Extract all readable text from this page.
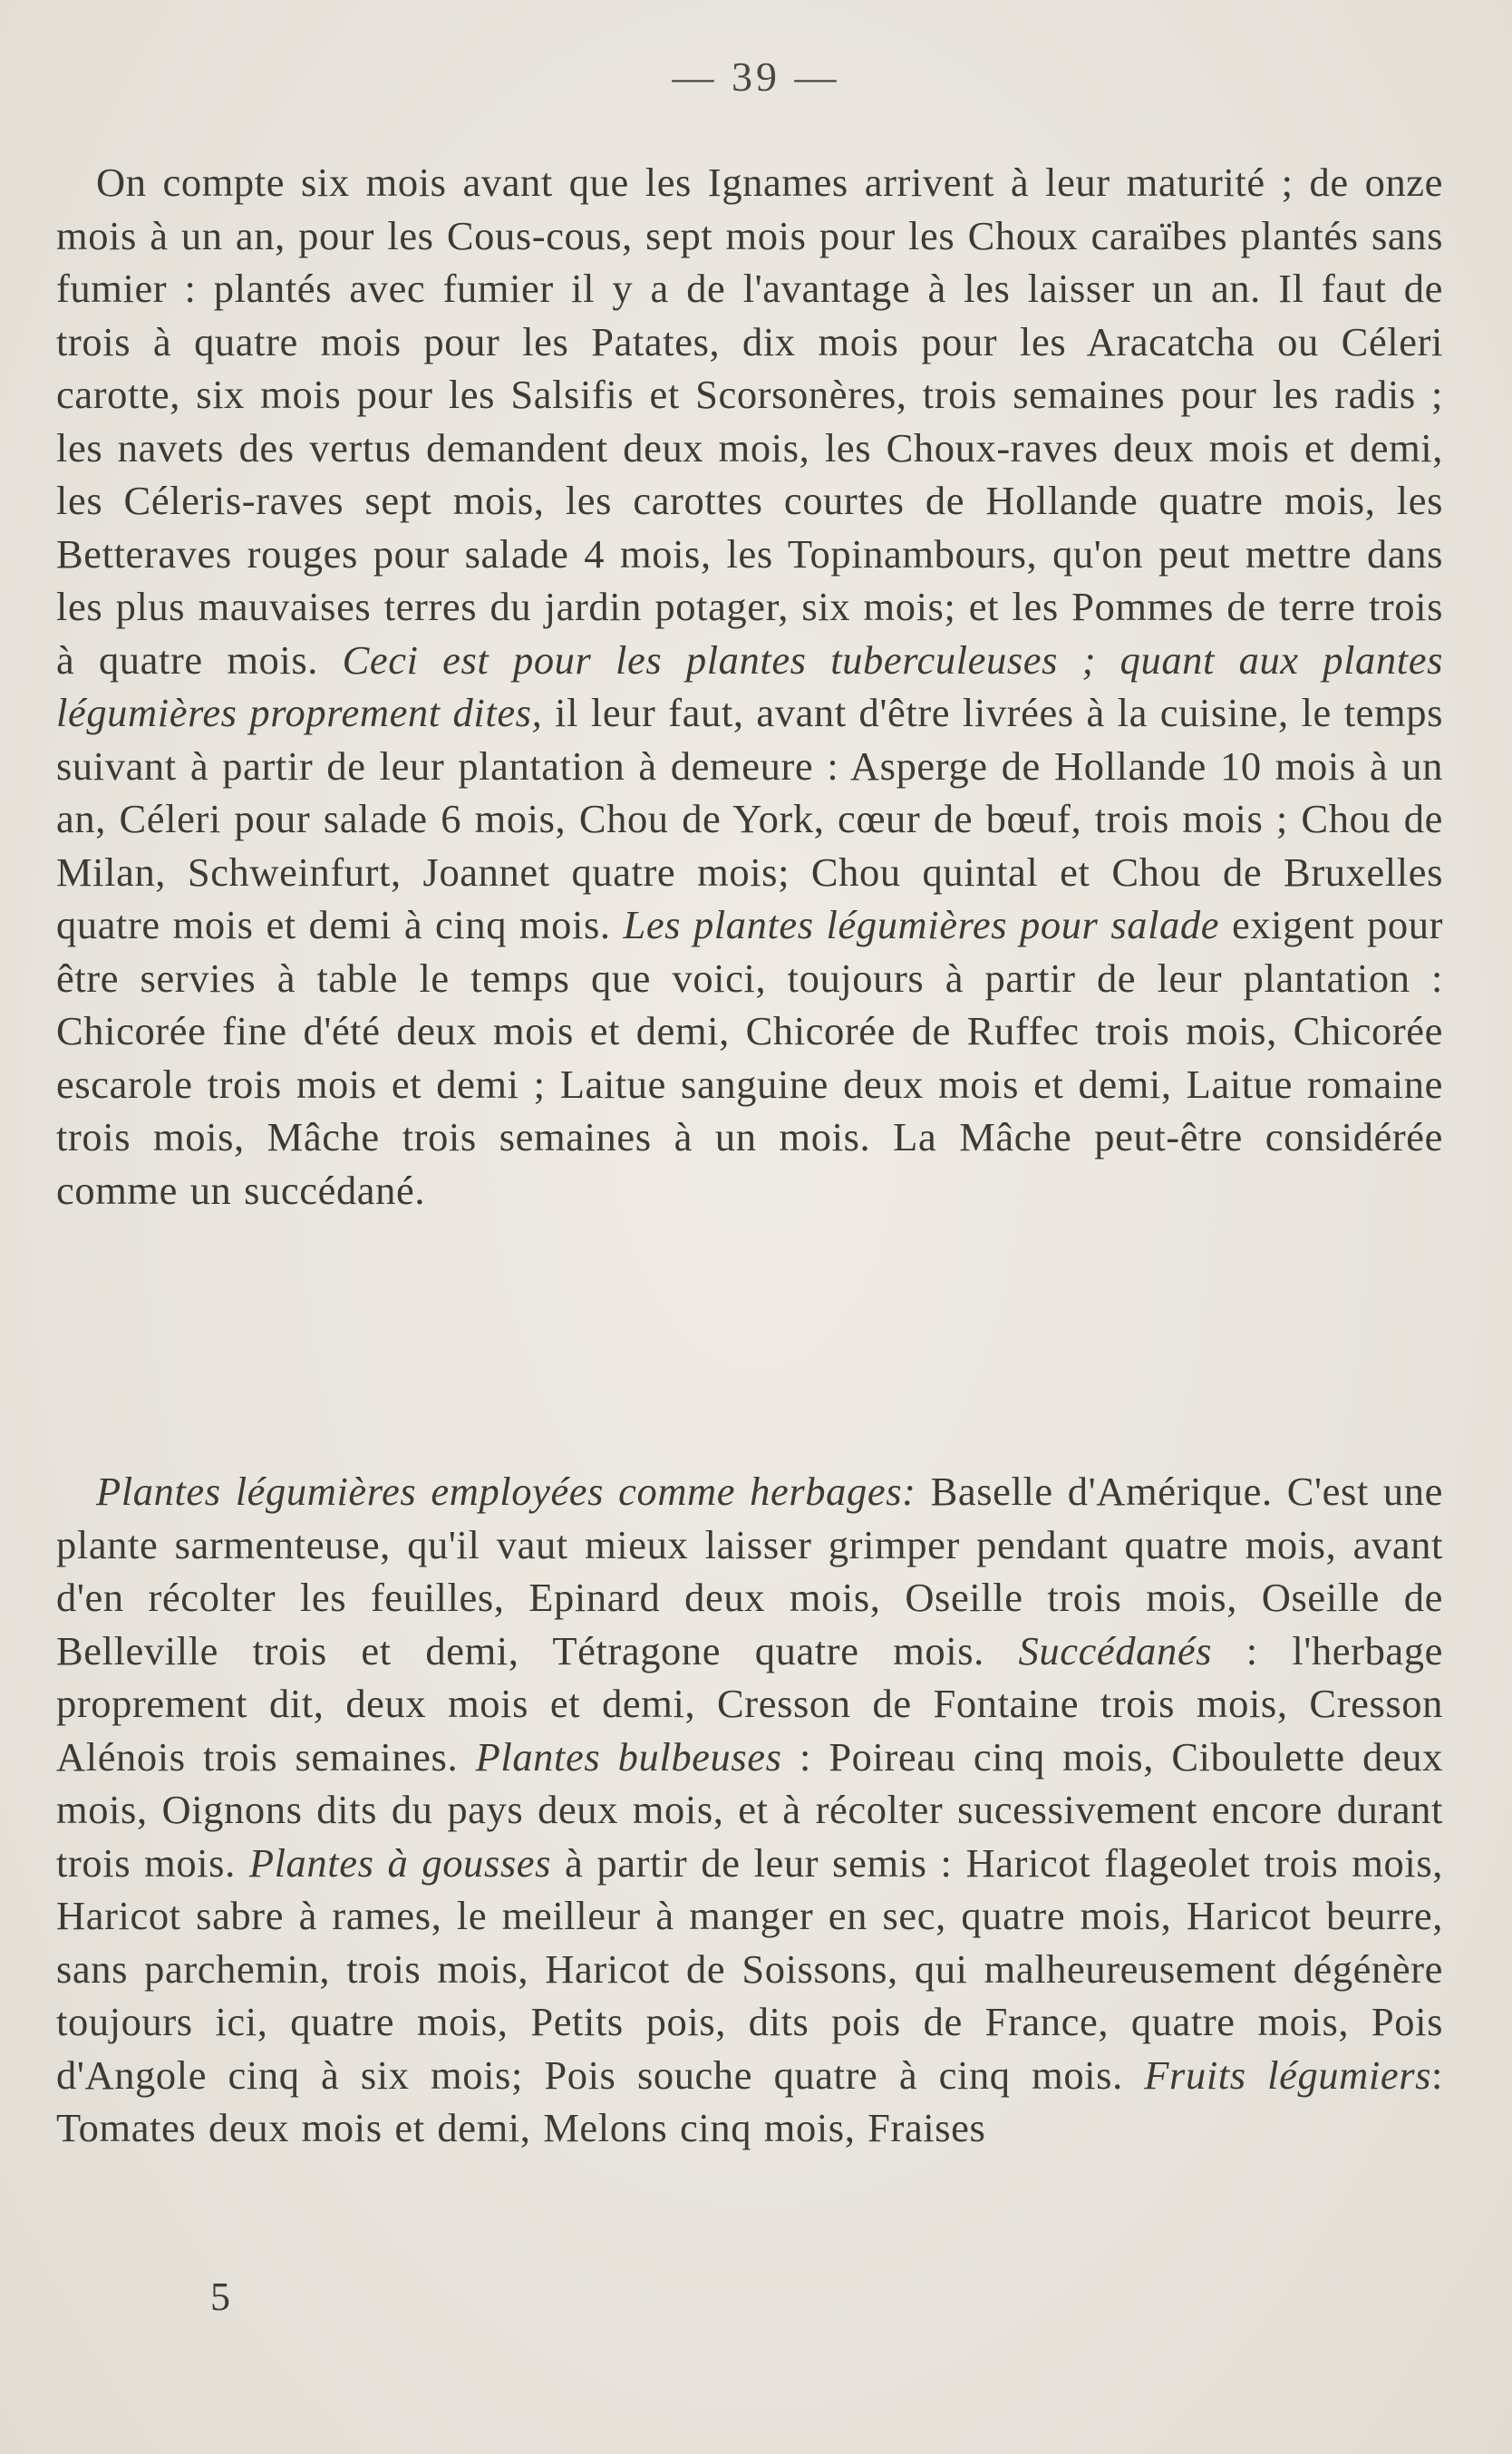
— 39 —

On compte six mois avant que les Ignames arrivent à leur maturité ; de onze mois à un an, pour les Cous-cous, sept mois pour les Choux caraïbes plantés sans fumier : plantés avec fumier il y a de l'avantage à les laisser un an. Il faut de trois à quatre mois pour les Patates, dix mois pour les Aracatcha ou Céleri carotte, six mois pour les Salsifis et Scorsonères, trois semaines pour les radis ; les navets des vertus demandent deux mois, les Choux-raves deux mois et demi, les Céleris-raves sept mois, les carottes courtes de Hollande quatre mois, les Betteraves rouges pour salade 4 mois, les Topinambours, qu'on peut mettre dans les plus mauvaises terres du jardin potager, six mois; et les Pommes de terre trois à quatre mois. Ceci est pour les plantes tuberculeuses ; quant aux plantes légumières proprement dites, il leur faut, avant d'être livrées à la cuisine, le temps suivant à partir de leur plantation à demeure : Asperge de Hollande 10 mois à un an, Céleri pour salade 6 mois, Chou de York, cœur de bœuf, trois mois ; Chou de Milan, Schweinfurt, Joannet quatre mois; Chou quintal et Chou de Bruxelles quatre mois et demi à cinq mois. Les plantes légumières pour salade exigent pour être servies à table le temps que voici, toujours à partir de leur plantation : Chicorée fine d'été deux mois et demi, Chicorée de Ruffec trois mois, Chicorée escarole trois mois et demi ; Laitue sanguine deux mois et demi, Laitue romaine trois mois, Mâche trois semaines à un mois. La Mâche peut-être considérée comme un succédané.

Plantes légumières employées comme herbages: Baselle d'Amérique. C'est une plante sarmenteuse, qu'il vaut mieux laisser grimper pendant quatre mois, avant d'en récolter les feuilles, Epinard deux mois, Oseille trois mois, Oseille de Belleville trois et demi, Tétragone quatre mois. Succédanés : l'herbage proprement dit, deux mois et demi, Cresson de Fontaine trois mois, Cresson Alénois trois semaines. Plantes bulbeuses : Poireau cinq mois, Ciboulette deux mois, Oignons dits du pays deux mois, et à récolter sucessivement encore durant trois mois. Plantes à gousses à partir de leur semis : Haricot flageolet trois mois, Haricot sabre à rames, le meilleur à manger en sec, quatre mois, Haricot beurre, sans parchemin, trois mois, Haricot de Soissons, qui malheureusement dégénère toujours ici, quatre mois, Petits pois, dits pois de France, quatre mois, Pois d'Angole cinq à six mois; Pois souche quatre à cinq mois. Fruits légumiers: Tomates deux mois et demi, Melons cinq mois, Fraises

5
